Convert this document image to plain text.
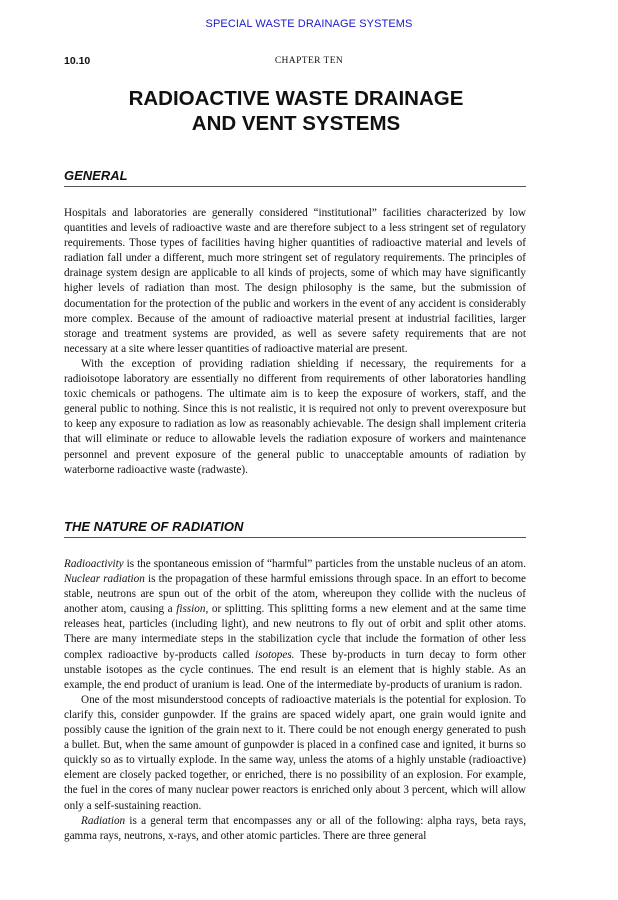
SPECIAL WASTE DRAINAGE SYSTEMS
10.10	CHAPTER TEN
RADIOACTIVE WASTE DRAINAGE
AND VENT SYSTEMS
GENERAL

Hospitals and laboratories are generally considered “institutional” facilities characterized by low quantities and levels of radioactive waste and are therefore subject to a less stringent set of regulatory requirements. Those types of facilities having higher quantities of radioactive material and levels of radiation fall under a different, much more stringent set of regulatory requirements. The principles of drainage system design are applicable to all kinds of projects, some of which may have significantly higher levels of radiation than most. The design philosophy is the same, but the submission of documentation for the protection of the public and workers in the event of any accident is considerably more complex. Because of the amount of radioactive material present at industrial facilities, larger storage and treatment systems are provided, as well as severe safety requirements that are not necessary at a site where lesser quantities of radioactive material are present.

With the exception of providing radiation shielding if necessary, the requirements for a radioisotope laboratory are essentially no different from requirements of other laboratories handling toxic chemicals or pathogens. The ultimate aim is to keep the exposure of workers, staff, and the general public to nothing. Since this is not realistic, it is required not only to prevent overexposure but to keep any exposure to radiation as low as reasonably achievable. The design shall implement criteria that will eliminate or reduce to allowable levels the radiation exposure of workers and maintenance personnel and prevent exposure of the general public to unacceptable amounts of radiation by waterborne radioactive waste (radwaste).

THE NATURE OF RADIATION

Radioactivity is the spontaneous emission of “harmful” particles from the unstable nucleus of an atom. Nuclear radiation is the propagation of these harmful emissions through space. In an effort to become stable, neutrons are spun out of the orbit of the atom, whereupon they collide with the nucleus of another atom, causing a fission, or splitting. This splitting forms a new element and at the same time releases heat, particles (including light), and new neutrons to fly out of orbit and split other atoms. There are many intermediate steps in the stabilization cycle that include the formation of other less complex radioactive by-products called isotopes. These by-products in turn decay to form other unstable isotopes as the cycle continues. The end result is an element that is highly stable. As an example, the end product of uranium is lead. One of the intermediate by-products of uranium is radon.

One of the most misunderstood concepts of radioactive materials is the potential for explosion. To clarify this, consider gunpowder. If the grains are spaced widely apart, one grain would ignite and possibly cause the ignition of the grain next to it. There could be not enough energy generated to push a bullet. But, when the same amount of gunpowder is placed in a confined case and ignited, it burns so quickly so as to virtually explode. In the same way, unless the atoms of a highly unstable (radioactive) element are closely packed together, or enriched, there is no possibility of an explosion. For example, the fuel in the cores of many nuclear power reactors is enriched only about 3 percent, which will allow only a self-sustaining reaction.

Radiation is a general term that encompasses any or all of the following: alpha rays, beta rays, gamma rays, neutrons, x-rays, and other atomic particles. There are three general
